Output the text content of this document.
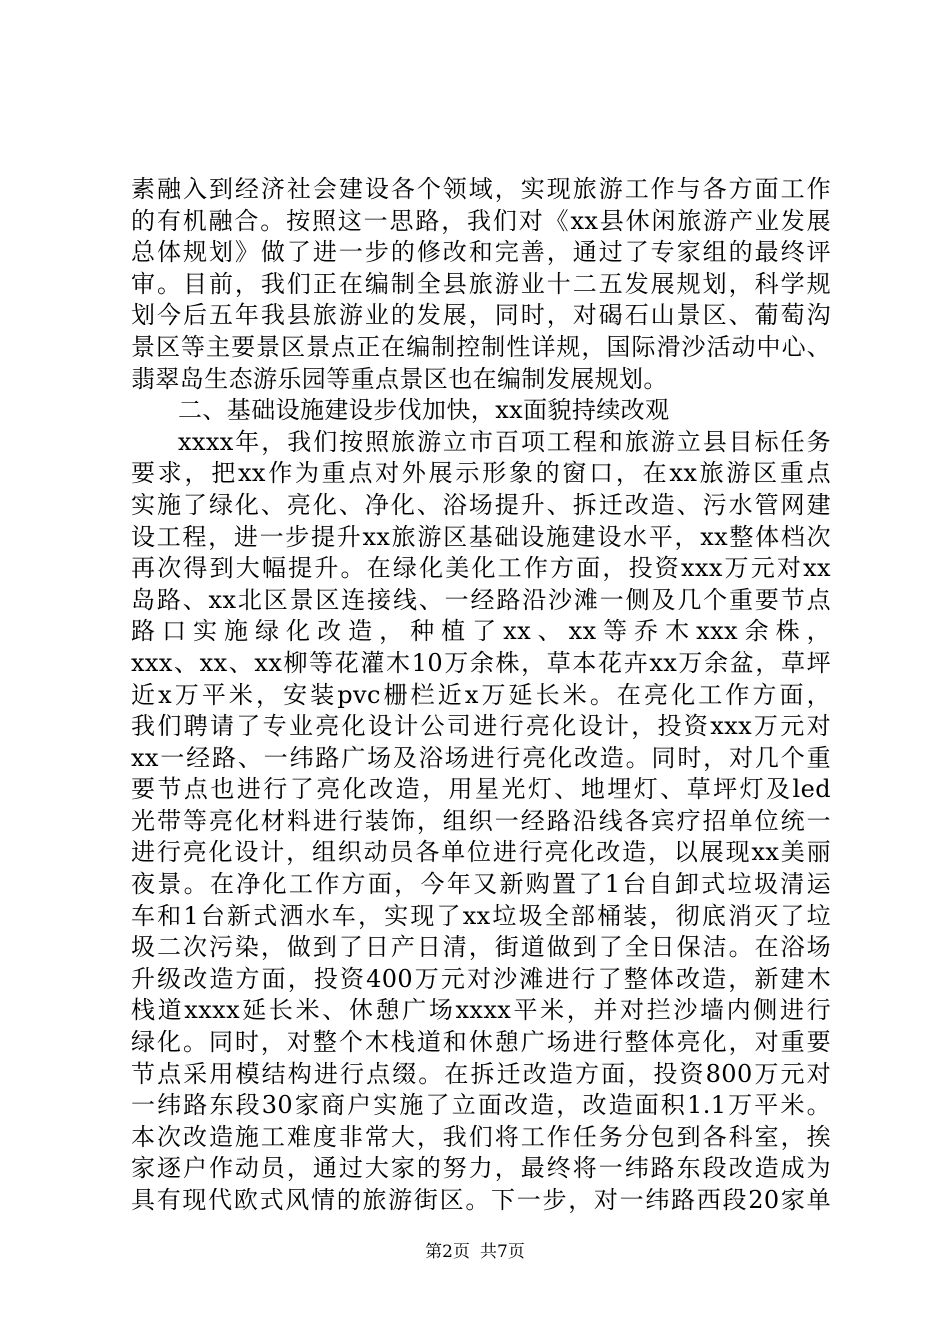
素融入到经济社会建设各个领域，实现旅游工作与各方面工作
的有机融合。按照这一思路，我们对《xx县休闲旅游产业发展
总体规划》做了进一步的修改和完善，通过了专家组的最终评
审。目前，我们正在编制全县旅游业十二五发展规划，科学规
划今后五年我县旅游业的发展，同时，对碣石山景区、葡萄沟
景区等主要景区景点正在编制控制性详规，国际滑沙活动中心、
翡翠岛生态游乐园等重点景区也在编制发展规划。
二、基础设施建设步伐加快，xx面貌持续改观
xxxx年，我们按照旅游立市百项工程和旅游立县目标任务
要求，把xx作为重点对外展示形象的窗口，在xx旅游区重点
实施了绿化、亮化、净化、浴场提升、拆迁改造、污水管网建
设工程，进一步提升xx旅游区基础设施建设水平，xx整体档次
再次得到大幅提升。在绿化美化工作方面，投资xxx万元对xx
岛路、xx北区景区连接线、一经路沿沙滩一侧及几个重要节点
路口实施绿化改造，种植了xx、xx等乔木xxx余株，
xxx、xx、xx柳等花灌木10万余株，草本花卉xx万余盆，草坪
近x万平米，安装pvc栅栏近x万延长米。在亮化工作方面，
我们聘请了专业亮化设计公司进行亮化设计，投资xxx万元对
xx一经路、一纬路广场及浴场进行亮化改造。同时，对几个重
要节点也进行了亮化改造，用星光灯、地埋灯、草坪灯及led
光带等亮化材料进行装饰，组织一经路沿线各宾疗招单位统一
进行亮化设计，组织动员各单位进行亮化改造，以展现xx美丽
夜景。在净化工作方面，今年又新购置了1台自卸式垃圾清运
车和1台新式洒水车，实现了xx垃圾全部桶装，彻底消灭了垃
圾二次污染，做到了日产日清，街道做到了全日保洁。在浴场
升级改造方面，投资400万元对沙滩进行了整体改造，新建木
栈道xxxx延长米、休憩广场xxxx平米，并对拦沙墙内侧进行
绿化。同时，对整个木栈道和休憩广场进行整体亮化，对重要
节点采用模结构进行点缀。在拆迁改造方面，投资800万元对
一纬路东段30家商户实施了立面改造，改造面积1.1万平米。
本次改造施工难度非常大，我们将工作任务分包到各科室，挨
家逐户作动员，通过大家的努力，最终将一纬路东段改造成为
具有现代欧式风情的旅游街区。下一步，对一纬路西段20家单
第2页 共7页
